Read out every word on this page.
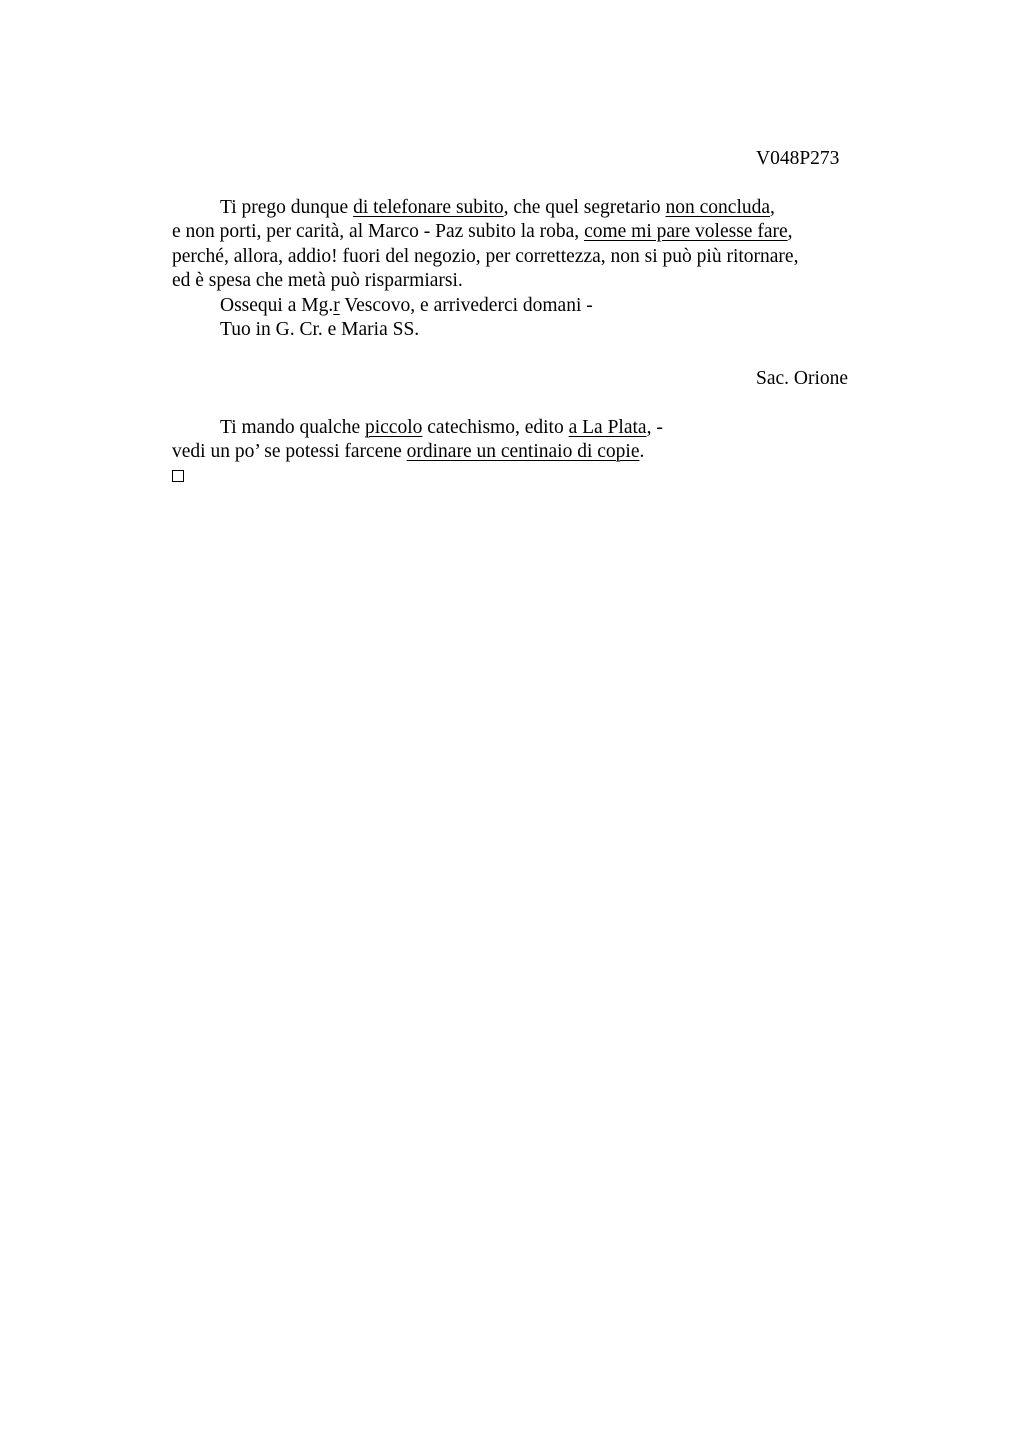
V048P273
Ti prego dunque di telefonare subito, che quel segretario non concluda,
e non porti, per carità, al Marco - Paz subito la roba, come mi pare volesse fare,
perché, allora, addio! fuori del negozio, per correttezza, non si può più ritornare,
ed è spesa che metà può risparmiarsi.
Ossequi a Mg.r Vescovo, e arrivederci domani -
Tuo in G. Cr. e Maria SS.
Sac. Orione
Ti mando qualche piccolo catechismo, edito a La Plata, -
vedi un po’ se potessi farcene ordinare un centinaio di copie.
